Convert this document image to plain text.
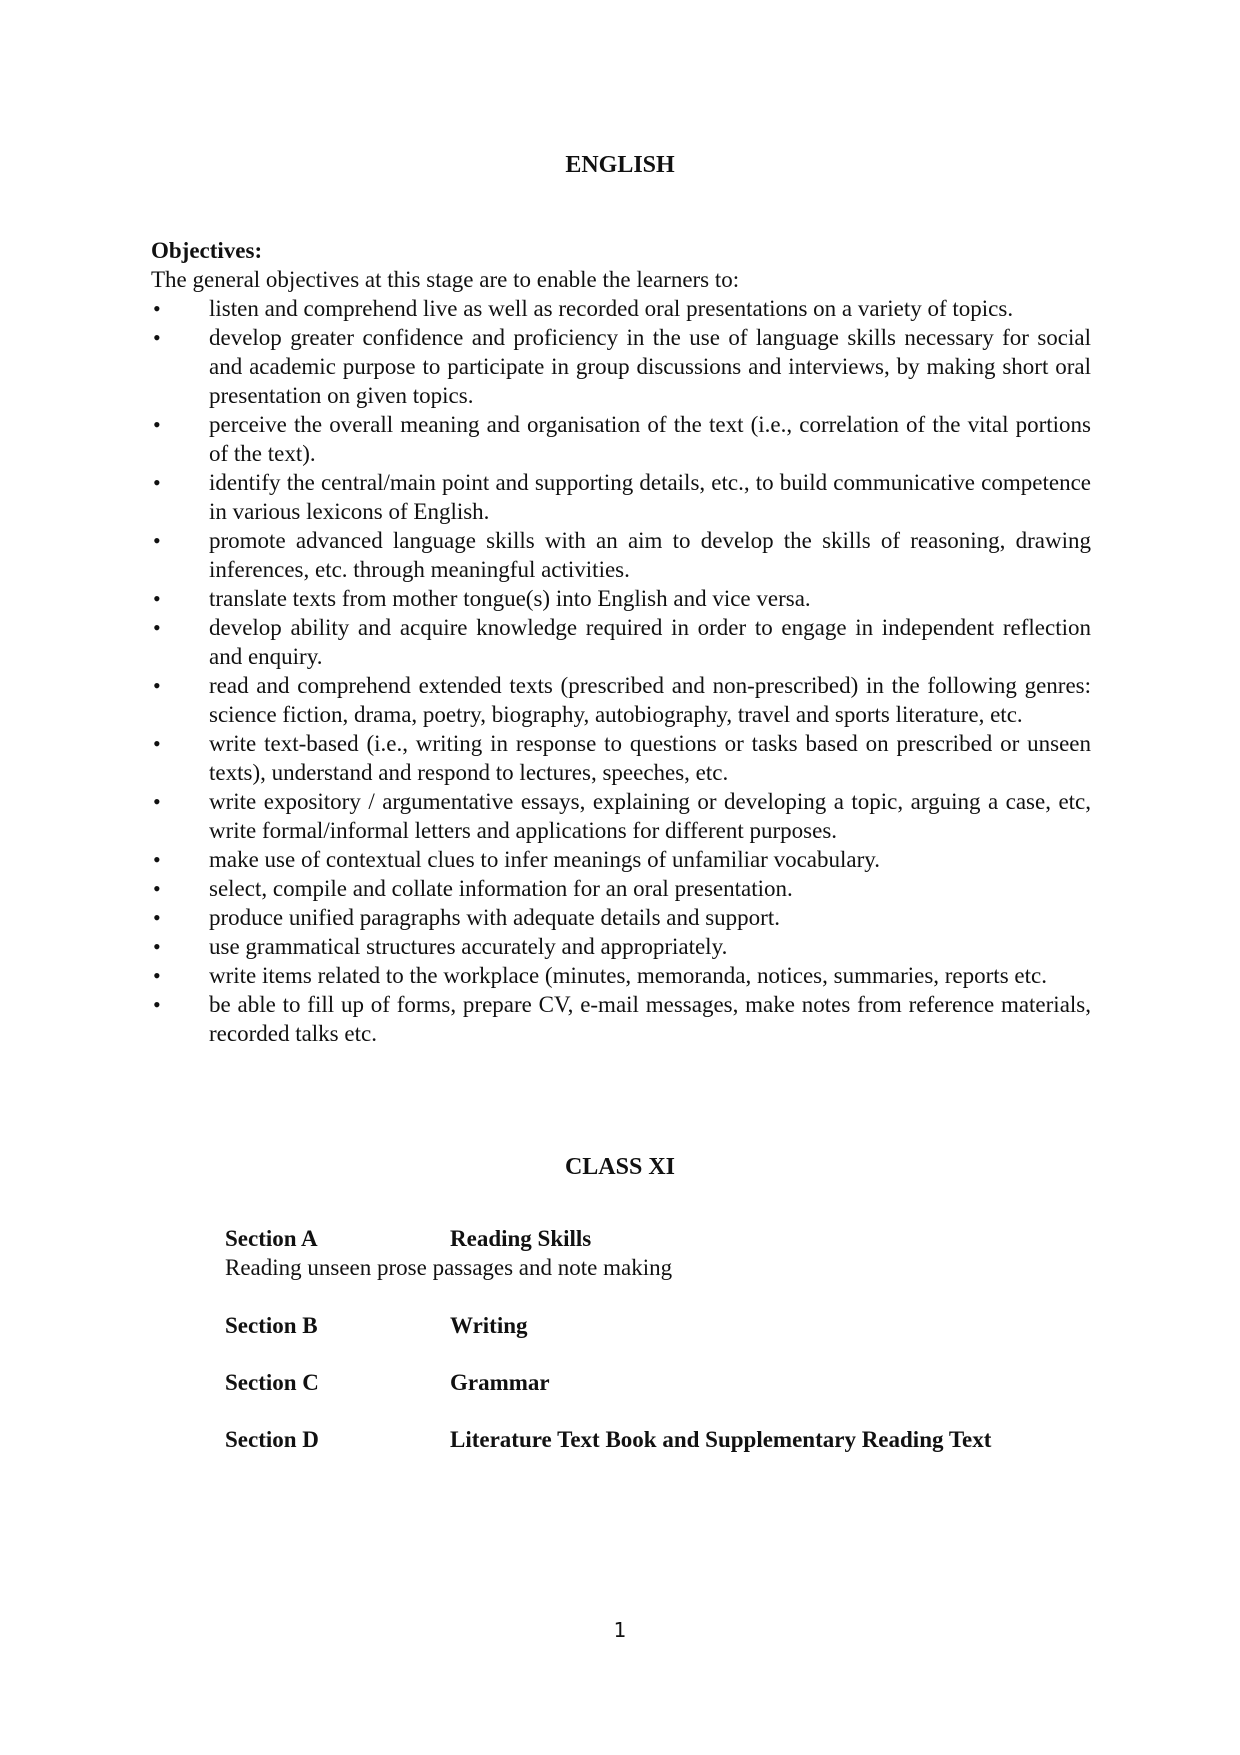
ENGLISH

Objectives:

The general objectives at this stage are to enable the learners to:

•	listen and comprehend live as well as recorded oral presentations on a variety of topics.
•	develop greater confidence and proficiency in the use of language skills necessary for social and academic purpose to participate in group discussions and interviews, by making short oral presentation on given topics.
•	perceive the overall meaning and organisation of the text (i.e., correlation of the vital portions of the text).
•	identify the central/main point and supporting details, etc., to build communicative competence in various lexicons of English.
•	promote advanced language skills with an aim to develop the skills of reasoning, drawing inferences, etc. through meaningful activities.
•	translate texts from mother tongue(s) into English and vice versa.
•	develop ability and acquire knowledge required in order to engage in independent reflection and enquiry.
•	read and comprehend extended texts (prescribed and non-prescribed) in the following genres: science fiction, drama, poetry, biography, autobiography, travel and sports literature, etc.
•	write text-based (i.e., writing in response to questions or tasks based on prescribed or unseen texts), understand and respond to lectures, speeches, etc.
•	write expository / argumentative essays, explaining or developing a topic, arguing a case, etc, write formal/informal letters and applications for different purposes.
•	make use of contextual clues to infer meanings of unfamiliar vocabulary.
•	select, compile and collate information for an oral presentation.
•	produce unified paragraphs with adequate details and support.
•	use grammatical structures accurately and appropriately.
•	write items related to the workplace (minutes, memoranda, notices, summaries, reports etc.
•	be able to fill up of forms, prepare CV, e-mail messages, make notes from reference materials, recorded talks etc.
CLASS XI
Section A	Reading Skills
Reading unseen prose passages and note making
Section B	Writing
Section C	Grammar
Section D	Literature Text Book and Supplementary Reading Text
1
